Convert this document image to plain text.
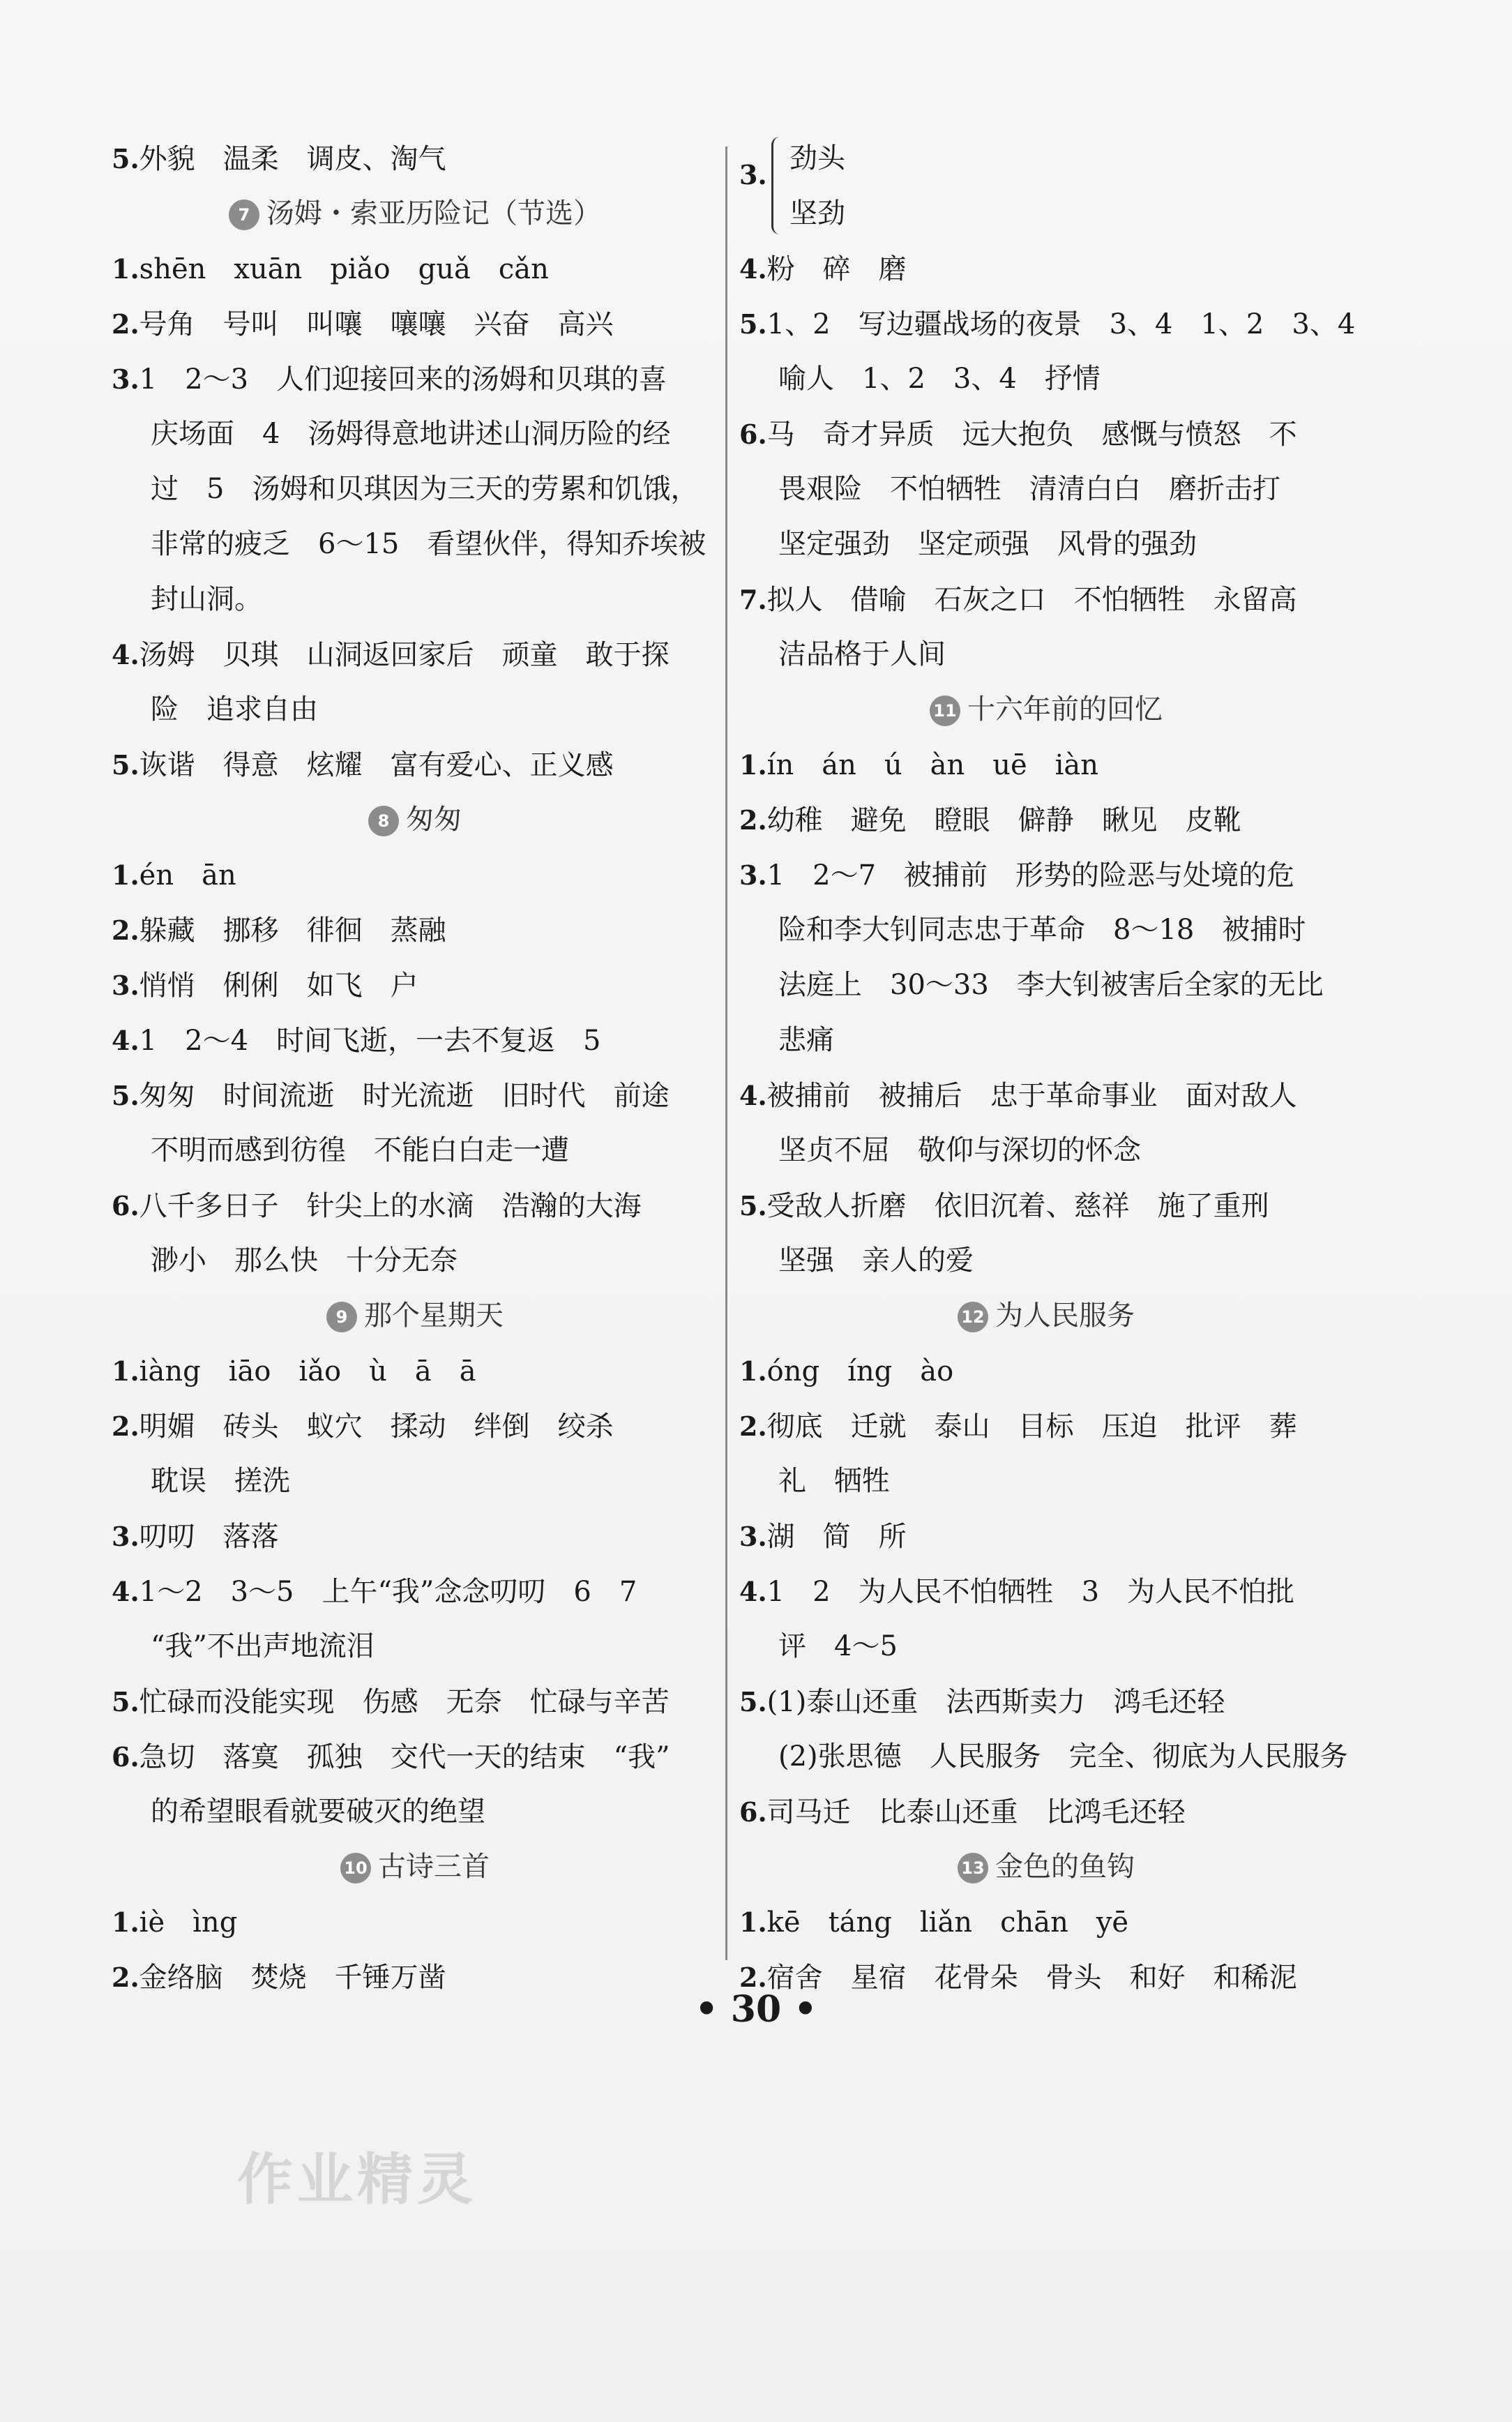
5.外貌　温柔　调皮、淘气
7 汤姆・索亚历险记（节选）
1.shēn　xuān　piǎo　guǎ　cǎn
2.号角　号叫　叫嚷　嚷嚷　兴奋　高兴
3.1　2～3　人们迎接回来的汤姆和贝琪的喜
庆场面　4　汤姆得意地讲述山洞历险的经
过　5　汤姆和贝琪因为三天的劳累和饥饿，
非常的疲乏　6～15　看望伙伴，得知乔埃被
封山洞。
4.汤姆　贝琪　山洞返回家后　顽童　敢于探
险　追求自由
5.诙谐　得意　炫耀　富有爱心、正义感
8 匆匆
1.én　ān
2.躲藏　挪移　徘徊　蒸融
3.悄悄　俐俐　如飞　户
4.1　2～4　时间飞逝，一去不复返　5
5.匆匆　时间流逝　时光流逝　旧时代　前途
不明而感到彷徨　不能白白走一遭
6.八千多日子　针尖上的水滴　浩瀚的大海
渺小　那么快　十分无奈
9 那个星期天
1.iàng　iāo　iǎo　ù　ā　ā
2.明媚　砖头　蚁穴　揉动　绊倒　绞杀
耽误　搓洗
3.叨叨　落落
4.1～2　3～5　上午“我”念念叨叨　6　7
“我”不出声地流泪
5.忙碌而没能实现　伤感　无奈　忙碌与辛苦
6.急切　落寞　孤独　交代一天的结束　“我”
的希望眼看就要破灭的绝望
10 古诗三首
1.iè　ìng
2.金络脑　焚烧　千锤万凿
3.
劲头
坚劲
4.粉　碎　磨
5.1、2　写边疆战场的夜景　3、4　1、2　3、4
喻人　1、2　3、4　抒情
6.马　奇才异质　远大抱负　感慨与愤怒　不
畏艰险　不怕牺牲　清清白白　磨折击打
坚定强劲　坚定顽强　风骨的强劲
7.拟人　借喻　石灰之口　不怕牺牲　永留高
洁品格于人间
11 十六年前的回忆
1.ín　án　ú　àn　uē　iàn
2.幼稚　避免　瞪眼　僻静　瞅见　皮靴
3.1　2～7　被捕前　形势的险恶与处境的危
险和李大钊同志忠于革命　8～18　被捕时
法庭上　30～33　李大钊被害后全家的无比
悲痛
4.被捕前　被捕后　忠于革命事业　面对敌人
坚贞不屈　敬仰与深切的怀念
5.受敌人折磨　依旧沉着、慈祥　施了重刑
坚强　亲人的爱
12 为人民服务
1.óng　íng　ào
2.彻底　迁就　泰山　目标　压迫　批评　葬
礼　牺牲
3.湖　简　所
4.1　2　为人民不怕牺牲　3　为人民不怕批
评　4～5
5.(1)泰山还重　法西斯卖力　鸿毛还轻
(2)张思德　人民服务　完全、彻底为人民服务
6.司马迁　比泰山还重　比鸿毛还轻
13 金色的鱼钩
1.kē　táng　liǎn　chān　yē
2.宿舍　星宿　花骨朵　骨头　和好　和稀泥
• 30 •
作业精灵
